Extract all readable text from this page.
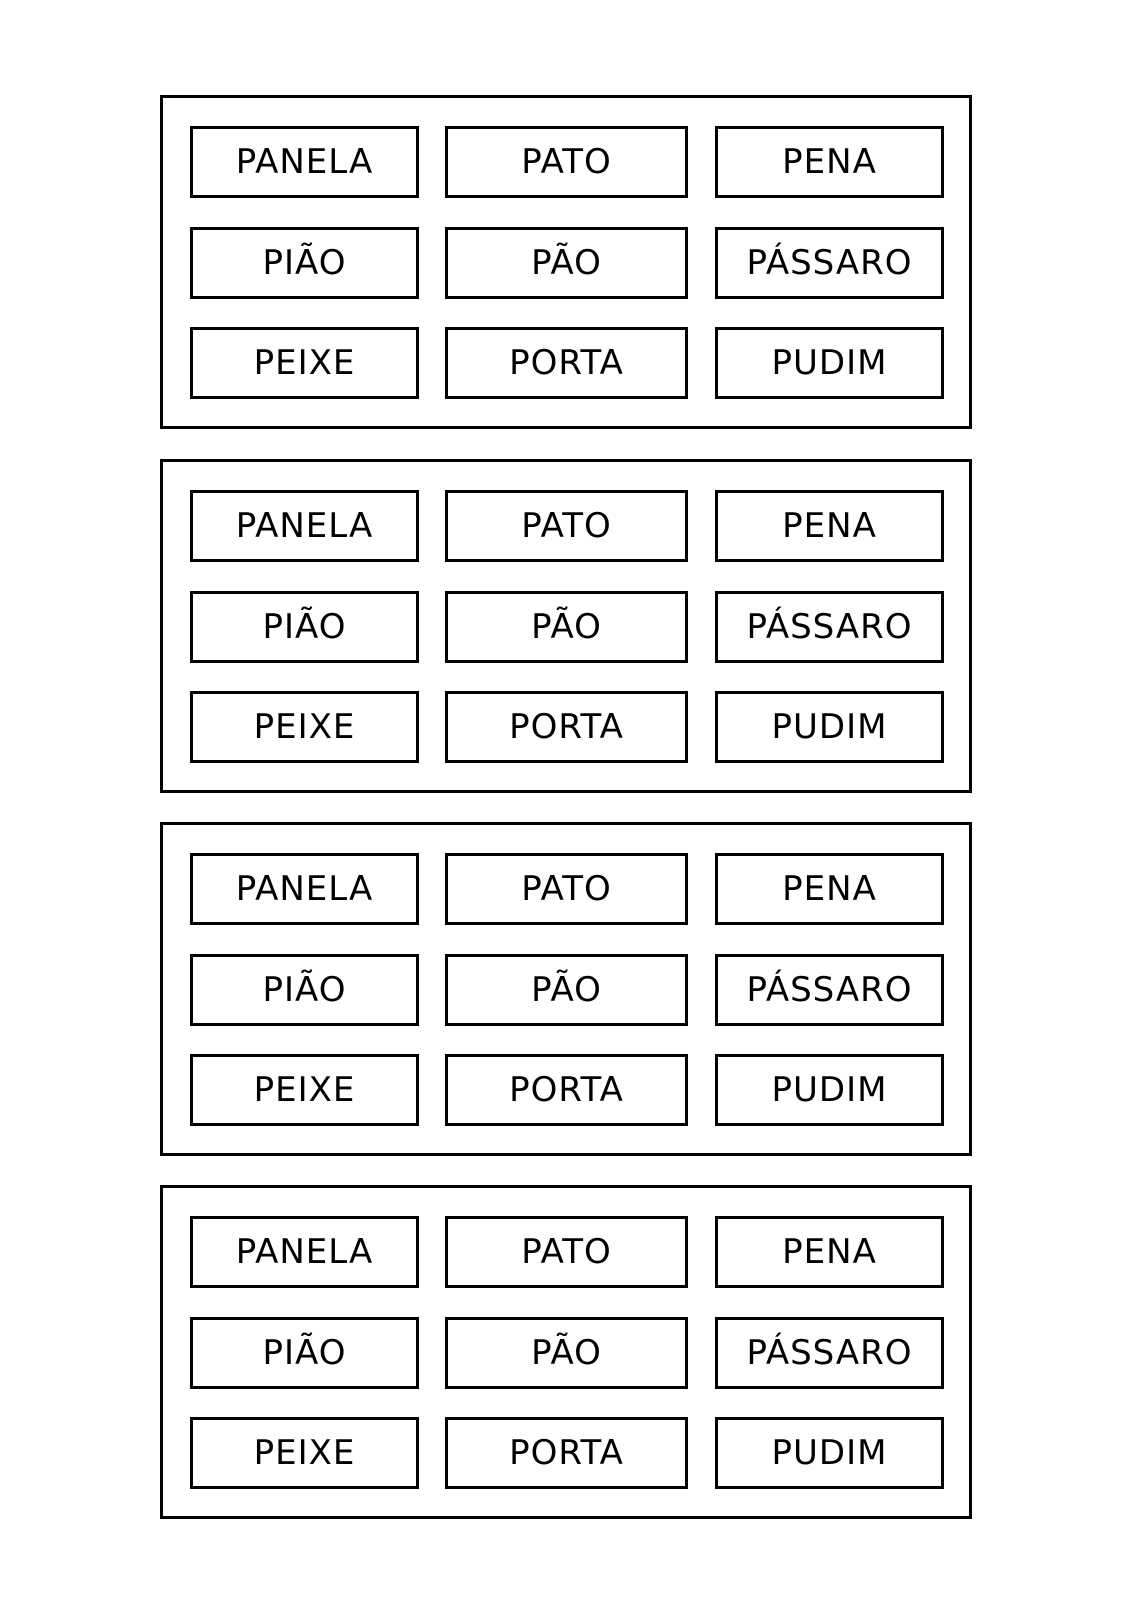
PANELA	PATO	PENA
PIÃO	PÃO	PÁSSARO
PEIXE	PORTA	PUDIM
PANELA	PATO	PENA
PIÃO	PÃO	PÁSSARO
PEIXE	PORTA	PUDIM
PANELA	PATO	PENA
PIÃO	PÃO	PÁSSARO
PEIXE	PORTA	PUDIM
PANELA	PATO	PENA
PIÃO	PÃO	PÁSSARO
PEIXE	PORTA	PUDIM
